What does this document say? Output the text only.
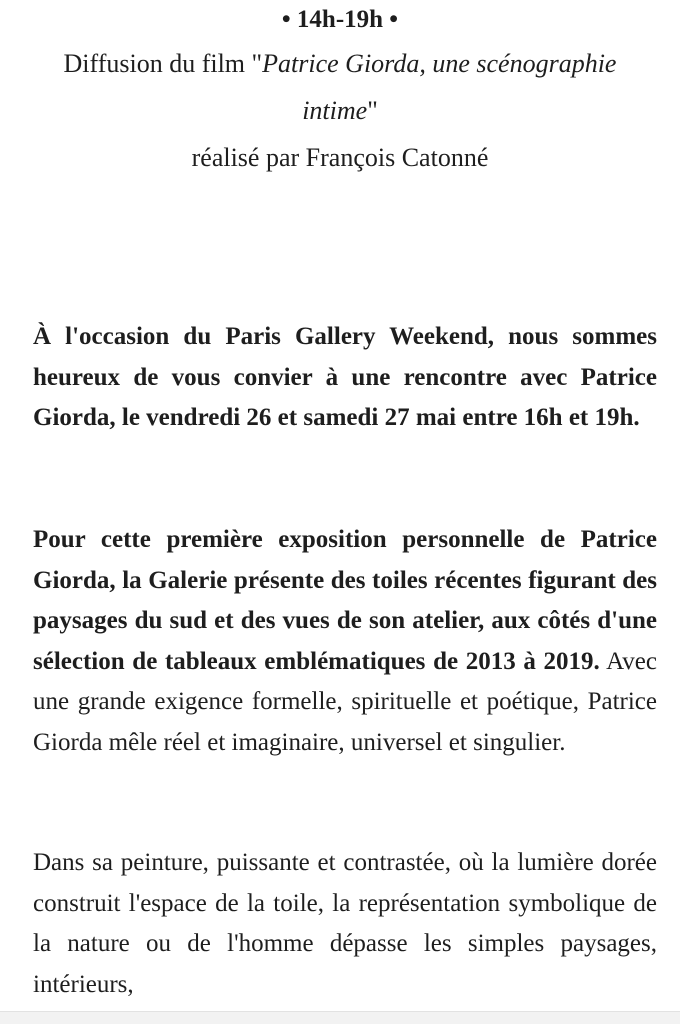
• 14h-19h •
Diffusion du film "Patrice Giorda, une scénographie
intime"
réalisé par François Catonné

À l'occasion du Paris Gallery Weekend, nous sommes heureux de vous convier à une rencontre avec Patrice Giorda, le vendredi 26 et samedi 27 mai entre 16h et 19h.

Pour cette première exposition personnelle de Patrice Giorda, la Galerie présente des toiles récentes figurant des paysages du sud et des vues de son atelier, aux côtés d'une sélection de tableaux emblématiques de 2013 à 2019. Avec une grande exigence formelle, spirituelle et poétique, Patrice Giorda mêle réel et imaginaire, universel et singulier.

Dans sa peinture, puissante et contrastée, où la lumière dorée construit l'espace de la toile, la représentation symbolique de la nature ou de l'homme dépasse les simples paysages, intérieurs,
